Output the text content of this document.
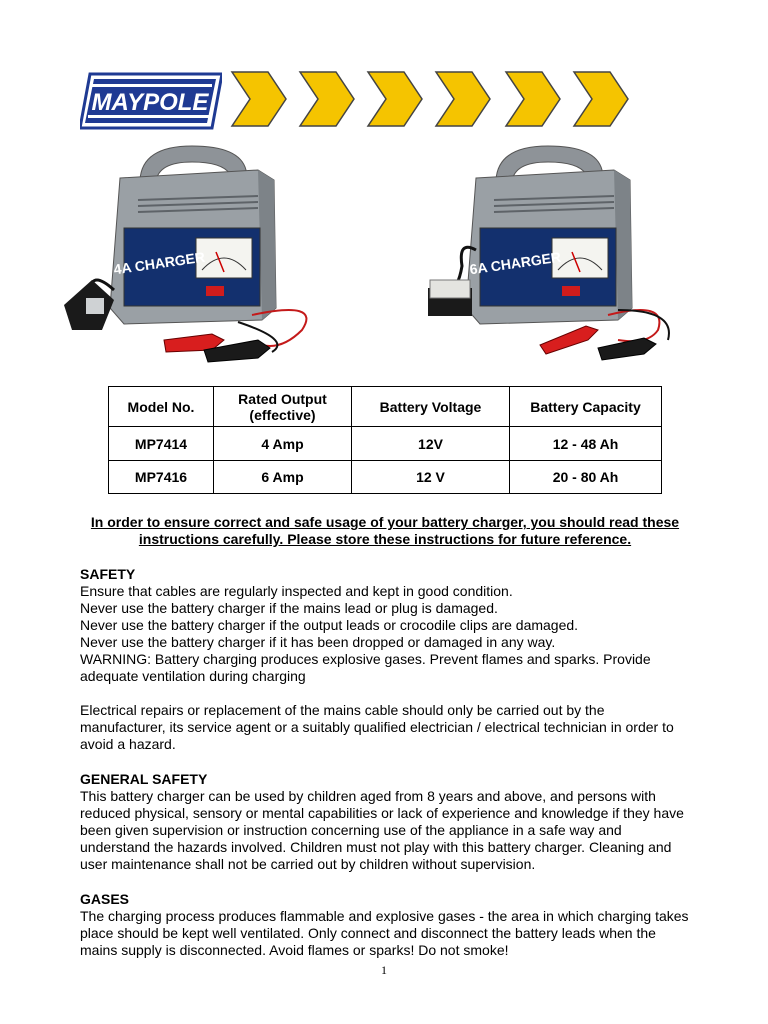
MAYPOLE
4A CHARGER	6A CHARGER
Model No.	Rated Output (effective)	Battery Voltage	Battery Capacity
MP7414	4 Amp	12V	12 - 48 Ah
MP7416	6 Amp	12 V	20 - 80 Ah

In order to ensure correct and safe usage of your battery charger, you should read these instructions carefully. Please store these instructions for future reference.

SAFETY

Ensure that cables are regularly inspected and kept in good condition.

Never use the battery charger if the mains lead or plug is damaged.

Never use the battery charger if the output leads or crocodile clips are damaged.

Never use the battery charger if it has been dropped or damaged in any way.

WARNING: Battery charging produces explosive gases. Prevent flames and sparks. Provide adequate ventilation during charging

Electrical repairs or replacement of the mains cable should only be carried out by the manufacturer, its service agent or a suitably qualified electrician / electrical technician in order to avoid a hazard.

GENERAL SAFETY

This battery charger can be used by children aged from 8 years and above, and persons with reduced physical, sensory or mental capabilities or lack of experience and knowledge if they have been given supervision or instruction concerning use of the appliance in a safe way and understand the hazards involved. Children must not play with this battery charger. Cleaning and user maintenance shall not be carried out by children without supervision.

GASES

The charging process produces flammable and explosive gases - the area in which charging takes place should be kept well ventilated. Only connect and disconnect the battery leads when the mains supply is disconnected. Avoid flames or sparks! Do not smoke!

1
